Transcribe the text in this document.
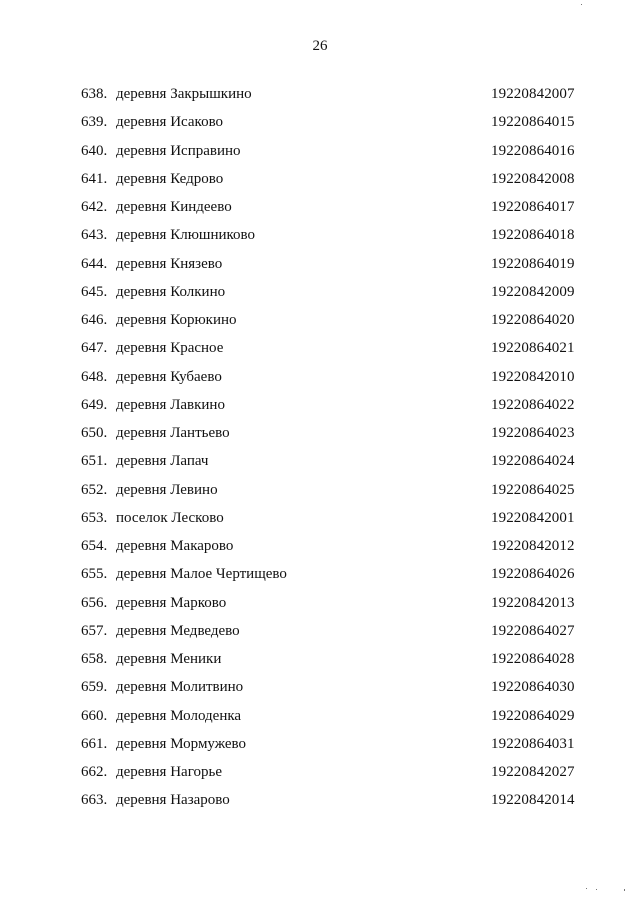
26
638. деревня Закрышкино	19220842007
639. деревня Исаково	19220864015
640. деревня Исправино	19220864016
641. деревня Кедрово	19220842008
642. деревня Киндеево	19220864017
643. деревня Клюшниково	19220864018
644. деревня Князево	19220864019
645. деревня Колкино	19220842009
646. деревня Корюкино	19220864020
647. деревня Красное	19220864021
648. деревня Кубаево	19220842010
649. деревня Лавкино	19220864022
650. деревня Лантьево	19220864023
651. деревня Лапач	19220864024
652. деревня Левино	19220864025
653. поселок Лесково	19220842001
654. деревня Макарово	19220842012
655. деревня Малое Чертищево	19220864026
656. деревня Марково	19220842013
657. деревня Медведево	19220864027
658. деревня Меники	19220864028
659. деревня Молитвино	19220864030
660. деревня Молоденка	19220864029
661. деревня Мормужево	19220864031
662. деревня Нагорье	19220842027
663. деревня Назарово	19220842014
